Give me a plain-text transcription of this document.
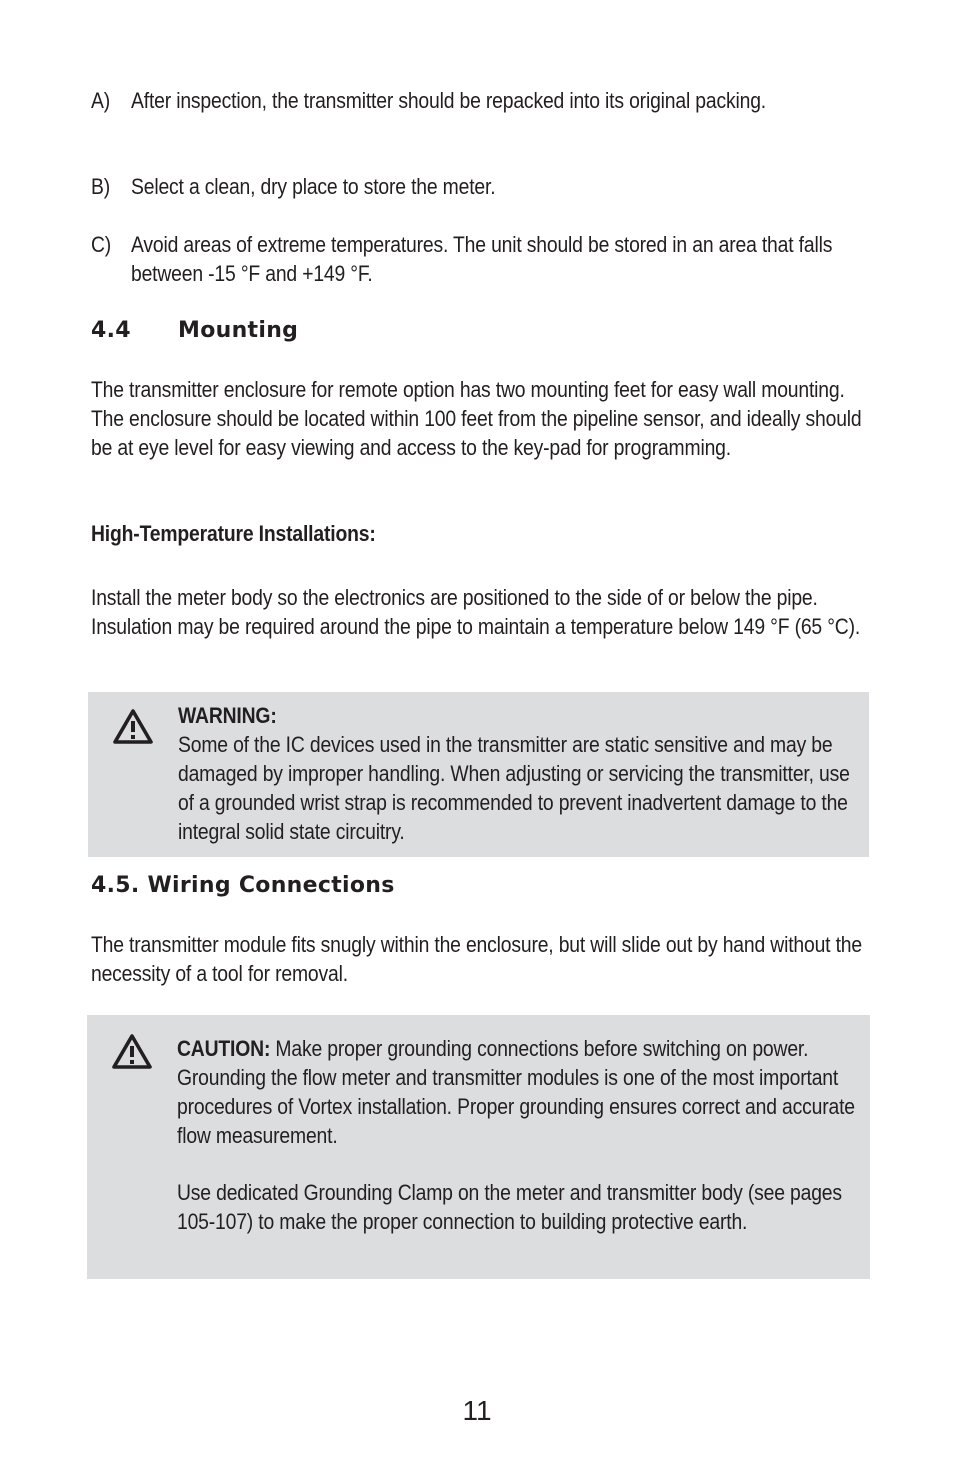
A) After inspection, the transmitter should be repacked into its original packing.
B) Select a clean, dry place to store the meter.
C) Avoid areas of extreme temperatures. The unit should be stored in an area that falls between -15 °F and +149 °F.
4.4 Mounting
The transmitter enclosure for remote option has two mounting feet for easy wall mounting. The enclosure should be located within 100 feet from the pipeline sensor, and ideally should be at eye level for easy viewing and access to the key-pad for programming.
High-Temperature Installations:
Install the meter body so the electronics are positioned to the side of or below the pipe. Insulation may be required around the pipe to maintain a temperature below 149 °F (65 °C).
WARNING:
Some of the IC devices used in the transmitter are static sensitive and may be damaged by improper handling. When adjusting or servicing the transmitter, use of a grounded wrist strap is recommended to prevent inadvertent damage to the integral solid state circuitry.
4.5. Wiring Connections
The transmitter module fits snugly within the enclosure, but will slide out by hand without the necessity of a tool for removal.
CAUTION: Make proper grounding connections before switching on power. Grounding the flow meter and transmitter modules is one of the most important procedures of Vortex installation. Proper grounding ensures correct and accurate flow measurement.
Use dedicated Grounding Clamp on the meter and transmitter body (see pages 105-107) to make the proper connection to building protective earth.
11
